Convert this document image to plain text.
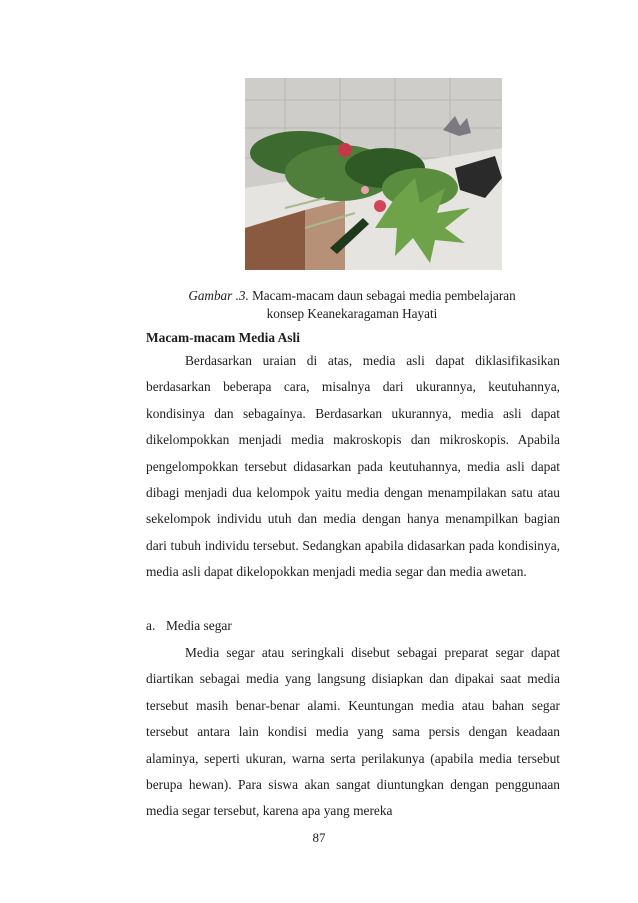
Gambar .3. Macam-macam daun sebagai media pembelajaran
konsep Keanekaragaman Hayati
Macam-macam Media Asli

Berdasarkan uraian di atas, media asli dapat diklasifikasikan berdasarkan beberapa cara, misalnya dari ukurannya, keutuhannya, kondisinya dan sebagainya. Berdasarkan ukurannya, media asli dapat dikelompokkan menjadi media makroskopis dan mikroskopis. Apabila pengelompokkan tersebut didasarkan pada keutuhannya, media asli dapat dibagi menjadi dua kelompok yaitu media dengan menampilakan satu atau sekelompok individu utuh dan media dengan hanya menampilkan bagian dari tubuh individu tersebut. Sedangkan apabila didasarkan pada kondisinya, media asli dapat dikelopokkan menjadi media segar dan media awetan.

a. Media segar

Media segar atau seringkali disebut sebagai preparat segar dapat diartikan sebagai media yang langsung disiapkan dan dipakai saat media tersebut masih benar-benar alami. Keuntungan media atau bahan segar tersebut antara lain kondisi media yang sama persis dengan keadaan alaminya, seperti ukuran, warna serta perilakunya (apabila media tersebut berupa hewan). Para siswa akan sangat diuntungkan dengan penggunaan media segar tersebut, karena apa yang mereka

87
